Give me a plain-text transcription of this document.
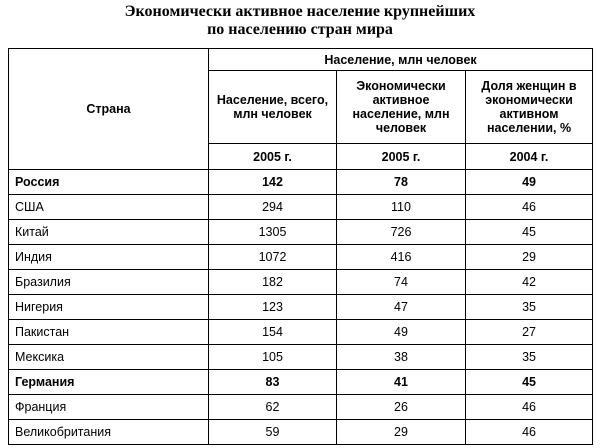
Экономически активное население крупнейших
по населению стран мира
Страна	Население, млн человек		
	Население, всего, млн человек	Экономически активное население, млн человек	Доля женщин в экономически активном населении, %
	2005 г.	2005 г.	2004 г.
Россия	142	78	49
США	294	110	46
Китай	1305	726	45
Индия	1072	416	29
Бразилия	182	74	42
Нигерия	123	47	35
Пакистан	154	49	27
Мексика	105	38	35
Германия	83	41	45
Франция	62	26	46
Великобритания	59	29	46
